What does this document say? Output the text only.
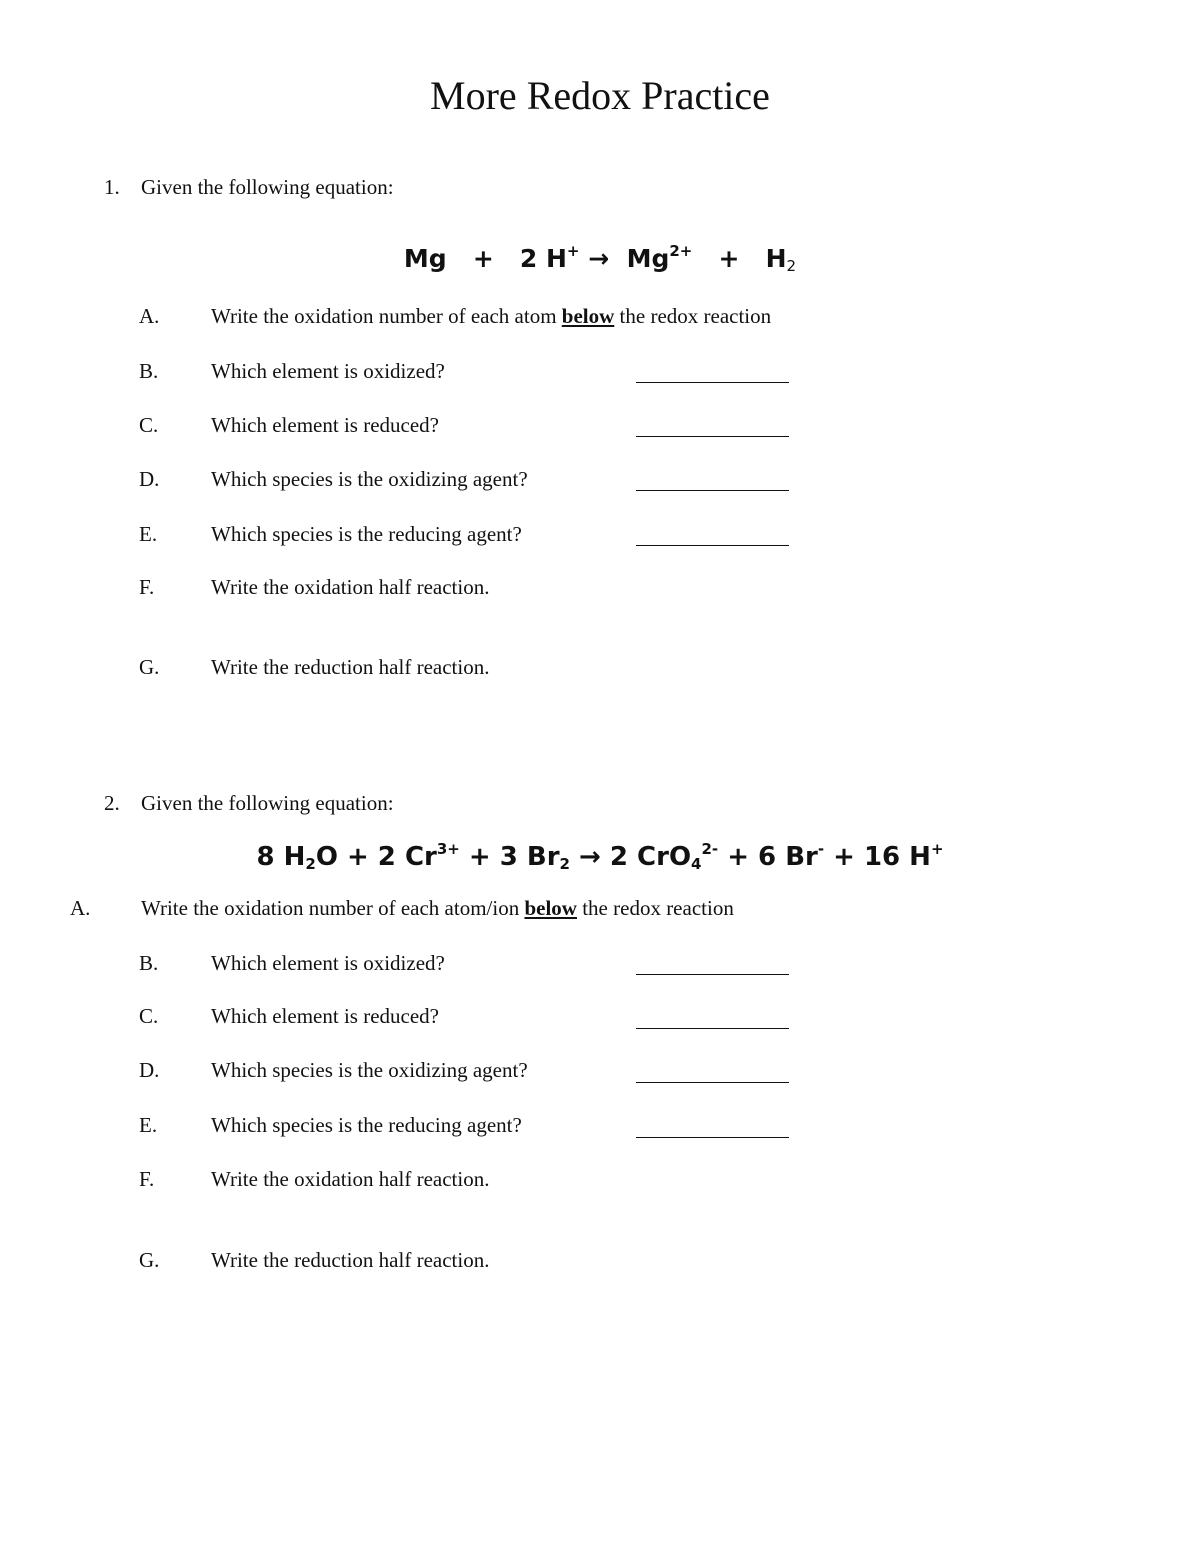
More Redox Practice
1. Given the following equation:
Mg + 2 $H^+ \to Mg^{2+} + H_2$
A. Write the oxidation number of each atom below the redox reaction
B.	Which element is oxidized?
C.	Which element is reduced?
D. Which species is the oxidizing agent?
E.	Which species is the reducing agent?
F.	Write the oxidation half reaction.
G. Write the reduction half reaction.
2. Given the following equation:
8 $H_2O + 2$ $Cr^{3+} + 3$ $Br_2 \to 2$ CrO$_4^{2-}$ + 6 Br- + 16 H+
A. Write the oxidation number of each atom/ion below the redox reaction
B.	Which element is oxidized?
C.	Which element is reduced?
D. Which species is the oxidizing agent?
E.	Which species is the reducing agent?
F.	Write the oxidation half reaction.
G. Write the reduction half reaction.
